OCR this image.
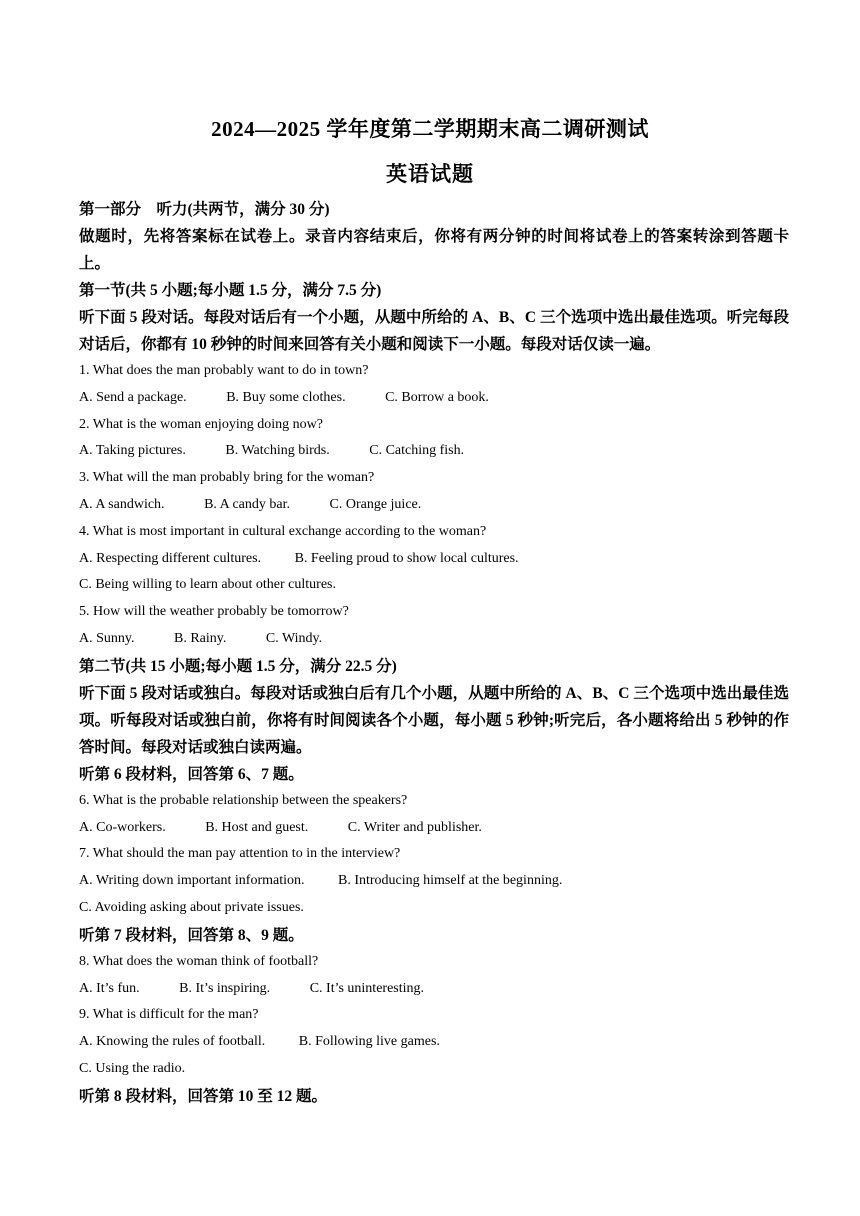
2024—2025 学年度第二学期期末高二调研测试
英语试题
第一部分　听力(共两节，满分 30 分)
做题时，先将答案标在试卷上。录音内容结束后，你将有两分钟的时间将试卷上的答案转涂到答题卡上。
第一节(共 5 小题;每小题 1.5 分，满分 7.5 分)
听下面 5 段对话。每段对话后有一个小题，从题中所给的 A、B、C 三个选项中选出最佳选项。听完每段对话后，你都有 10 秒钟的时间来回答有关小题和阅读下一小题。每段对话仅读一遍。
1. What does the man probably want to do in town?
A. Send a package.	B. Buy some clothes.	C. Borrow a book.
2. What is the woman enjoying doing now?
A. Taking pictures.	B. Watching birds.	C. Catching fish.
3. What will the man probably bring for the woman?
A. A sandwich.	B. A candy bar.	C. Orange juice.
4. What is most important in cultural exchange according to the woman?
A. Respecting different cultures. B. Feeling proud to show local cultures.
C. Being willing to learn about other cultures.
5. How will the weather probably be tomorrow?
A. Sunny.	B. Rainy.	C. Windy.
第二节(共 15 小题;每小题 1.5 分，满分 22.5 分)
听下面 5 段对话或独白。每段对话或独白后有几个小题，从题中所给的 A、B、C 三个选项中选出最佳选项。听每段对话或独白前，你将有时间阅读各个小题，每小题 5 秒钟;听完后，各小题将给出 5 秒钟的作答时间。每段对话或独白读两遍。
听第 6 段材料，回答第 6、7 题。
6. What is the probable relationship between the speakers?
A. Co-workers.	B. Host and guest.	C. Writer and publisher.
7. What should the man pay attention to in the interview?
A. Writing down important information. B. Introducing himself at the beginning.
C. Avoiding asking about private issues.
听第 7 段材料，回答第 8、9 题。
8. What does the woman think of football?
A. It’s fun.	B. It’s inspiring.	C. It’s uninteresting.
9. What is difficult for the man?
A. Knowing the rules of football. B. Following live games.
C. Using the radio.
听第 8 段材料，回答第 10 至 12 题。
